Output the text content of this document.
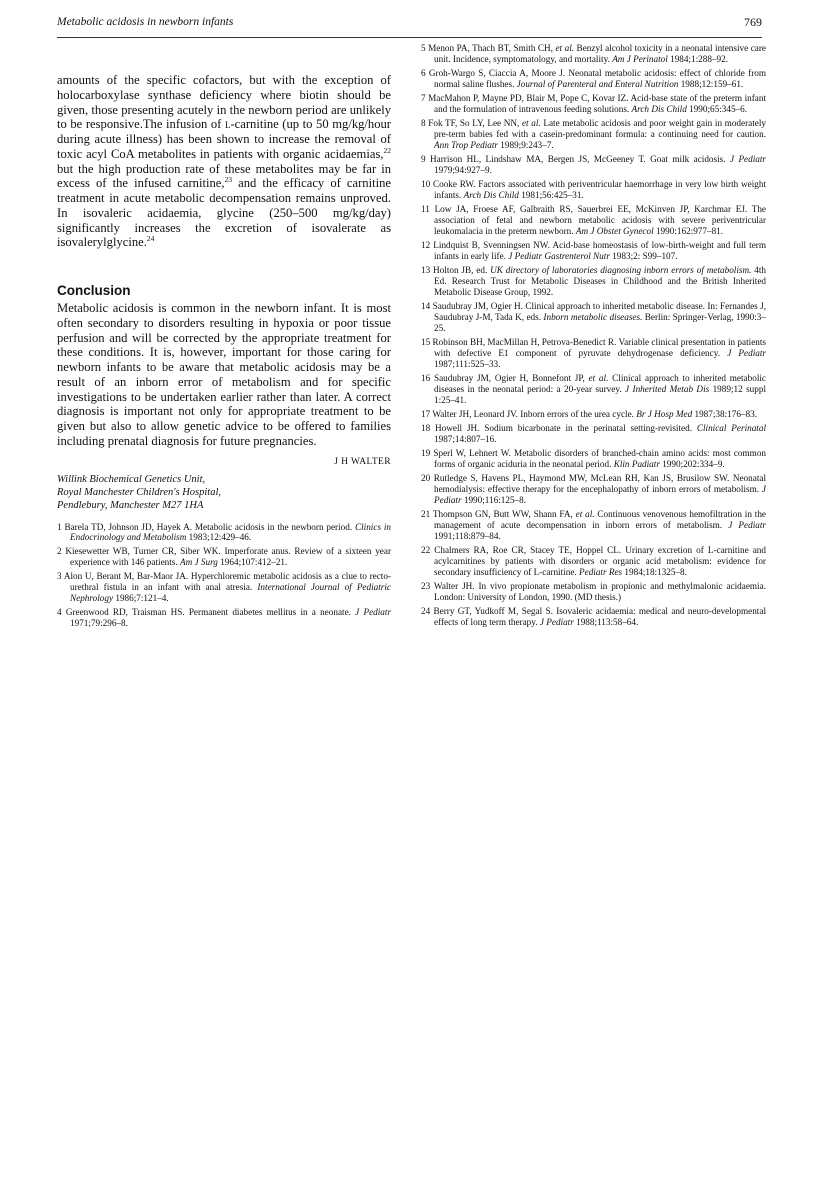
Metabolic acidosis in newborn infants	769

amounts of the specific cofactors, but with the exception of holocarboxylase synthase deficiency where biotin should be given, those presenting acutely in the newborn period are unlikely to be responsive.The infusion of l-carnitine (up to 50 mg/kg/hour during acute illness) has been shown to increase the removal of toxic acyl CoA metabolites in patients with organic acidaemias,$^{22}$ but the high production rate of these metabolites may be far in excess of the infused carnitine,$^{23}$ and the efficacy of carnitine treatment in acute metabolic decompensation remains unproved. In isovaleric acidaemia, glycine (250–500 mg/kg/day) significantly increases the excretion of isovalerate as isovalerylglycine.$^{24}$

Conclusion

Metabolic acidosis is common in the newborn infant. It is most often secondary to disorders resulting in hypoxia or poor tissue perfusion and will be corrected by the appropriate treatment for these conditions. It is, however, important for those caring for newborn infants to be aware that metabolic acidosis may be a result of an inborn error of metabolism and for specific investigations to be undertaken earlier rather than later. A correct diagnosis is important not only for appropriate treatment to be given but also to allow genetic advice to be offered to families including prenatal diagnosis for future pregnancies.

J H WALTER

Willink Biochemical Genetics Unit,
Royal Manchester Children's Hospital,
Pendlebury, Manchester M27 1HA

1 Barela TD, Johnson JD, Hayek A. Metabolic acidosis in the newborn period. Clinics in Endocrinology and Metabolism 1983;12:429–46.
2 Kiesewetter WB, Turner CR, Siber WK. Imperforate anus. Review of a sixteen year experience with 146 patients. Am J Surg 1964;107:412–21.
3 Alon U, Berant M, Bar-Maor JA. Hyperchloremic metabolic acidosis as a clue to recto-urethral fistula in an infant with anal atresia. International Journal of Pediatric Nephrology 1986;7:121–4.
4 Greenwood RD, Traisman HS. Permanent diabetes mellitus in a neonate. J Pediatr 1971;79:296–8.
5 Menon PA, Thach BT, Smith CH, et al. Benzyl alcohol toxicity in a neonatal intensive care unit. Incidence, symptomatology, and mortality. Am J Perinatol 1984;1:288–92.
6 Groh-Wargo S, Ciaccia A, Moore J. Neonatal metabolic acidosis: effect of chloride from normal saline flushes. Journal of Parenteral and Enteral Nutrition 1988;12:159–61.
7 MacMahon P, Mayne PD, Blair M, Pope C, Kovar IZ. Acid-base state of the preterm infant and the formulation of intravenous feeding solutions. Arch Dis Child 1990;65:345–6.
8 Fok TF, So LY, Lee NN, et al. Late metabolic acidosis and poor weight gain in moderately pre-term babies fed with a casein-predominant formula: a continuing need for caution. Ann Trop Pediatr 1989;9:243–7.
9 Harrison HL, Lindshaw MA, Bergen JS, McGeeney T. Goat milk acidosis. J Pediatr 1979;94:927–9.
10 Cooke RW. Factors associated with periventricular haemorrhage in very low birth weight infants. Arch Dis Child 1981;56:425–31.
11 Low JA, Froese AF, Galbraith RS, Sauerbrei EE, McKinven JP, Karchmar EJ. The association of fetal and newborn metabolic acidosis with severe periventricular leukomalacia in the preterm newborn. Am J Obstet Gynecol 1990:162:977–81.
12 Lindquist B, Svenningsen NW. Acid-base homeostasis of low-birth-weight and full term infants in early life. J Pediatr Gastrenterol Nutr 1983;2: S99–107.
13 Holton JB, ed. UK directory of laboratories diagnosing inborn errors of metabolism. 4th Ed. Research Trust for Metabolic Diseases in Childhood and the British Inherited Metabolic Disease Group, 1992.
14 Saudubray JM, Ogier H. Clinical approach to inherited metabolic disease. In: Fernandes J, Saudubray J-M, Tada K, eds. Inborn metabolic diseases. Berlin: Springer-Verlag, 1990:3–25.
15 Robinson BH, MacMillan H, Petrova-Benedict R. Variable clinical presentation in patients with defective E1 component of pyruvate dehydrogenase deficiency. J Pediatr 1987;111:525–33.
16 Saudubray JM, Ogier H, Bonnefont JP, et al. Clinical approach to inherited metabolic diseases in the neonatal period: a 20-year survey. J Inherited Metab Dis 1989;12 suppl 1:25–41.
17 Walter JH, Leonard JV. Inborn errors of the urea cycle. Br J Hosp Med 1987;38:176–83.
18 Howell JH. Sodium bicarbonate in the perinatal setting-revisited. Clinical Perinatal 1987;14:807–16.
19 Sperl W, Lehnert W. Metabolic disorders of branched-chain amino acids: most common forms of organic aciduria in the neonatal period. Klin Padiatr 1990;202:334–9.
20 Rutledge S, Havens PL, Haymond MW, McLean RH, Kan JS, Brusilow SW. Neonatal hemodialysis: effective therapy for the encephalopathy of inborn errors of metabolism. J Pediatr 1990;116:125–8.
21 Thompson GN, Butt WW, Shann FA, et al. Continuous venovenous hemofiltration in the management of acute decompensation in inborn errors of metabolism. J Pediatr 1991;118:879–84.
22 Chalmers RA, Roe CR, Stacey TE, Hoppel CL. Urinary excretion of L-carnitine and acylcarnitines by patients with disorders or organic acid metabolism: evidence for secondary insufficiency of L-carnitine. Pediatr Res 1984;18:1325–8.
23 Walter JH. In vivo propionate metabolism in propionic and methylmalonic acidaemia. London: University of London, 1990. (MD thesis.)
24 Berry GT, Yudkoff M, Segal S. Isovaleric acidaemia: medical and neuro-developmental effects of long term therapy. J Pediatr 1988;113:58–64.
